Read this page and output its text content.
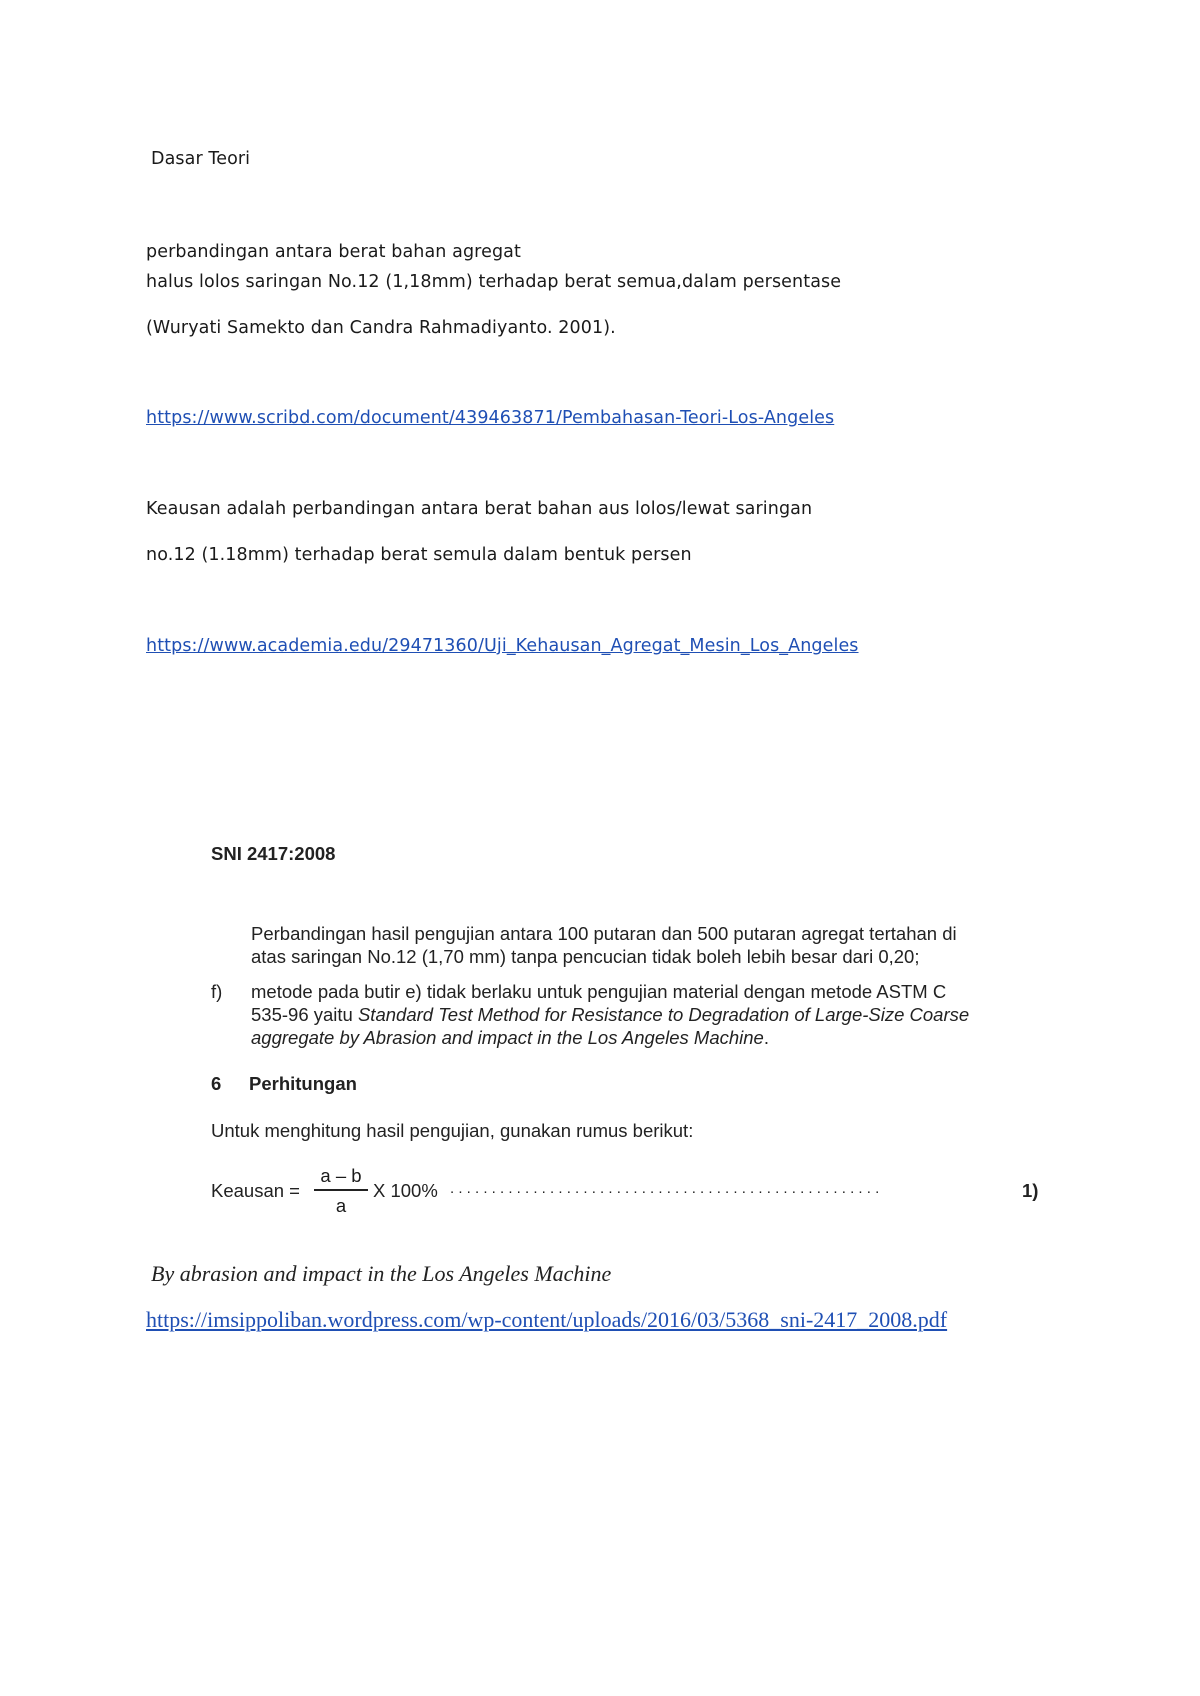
Dasar Teori
perbandingan antara berat bahan agregat
halus lolos saringan No.12 (1,18mm) terhadap berat semua,dalam persentase
(Wuryati Samekto dan Candra Rahmadiyanto. 2001).
https://www.scribd.com/document/439463871/Pembahasan-Teori-Los-Angeles
Keausan adalah perbandingan antara berat bahan aus lolos/lewat saringan
no.12 (1.18mm) terhadap berat semula dalam bentuk persen
https://www.academia.edu/29471360/Uji_Kehausan_Agregat_Mesin_Los_Angeles
SNI 2417:2008
Perbandingan hasil pengujian antara 100 putaran dan 500 putaran agregat tertahan di
atas saringan No.12 (1,70 mm) tanpa pencucian tidak boleh lebih besar dari 0,20;
f) metode pada butir e) tidak berlaku untuk pengujian material dengan metode ASTM C
535-96 yaitu Standard Test Method for Resistance to Degradation of Large-Size Coarse
aggregate by Abrasion and impact in the Los Angeles Machine.
6 Perhitungan
Untuk menghitung hasil pengujian, gunakan rumus berikut:
Keausan =
a – b
a
X 100% . . . . . . . . . . . . . . . . . . . . . . . . . . . . . . . . . . . . . . . . . . . . . . . . . . . .	1)
By abrasion and impact in the Los Angeles Machine
https://imsippoliban.wordpress.com/wp-content/uploads/2016/03/5368_sni-2417_2008.pdf
